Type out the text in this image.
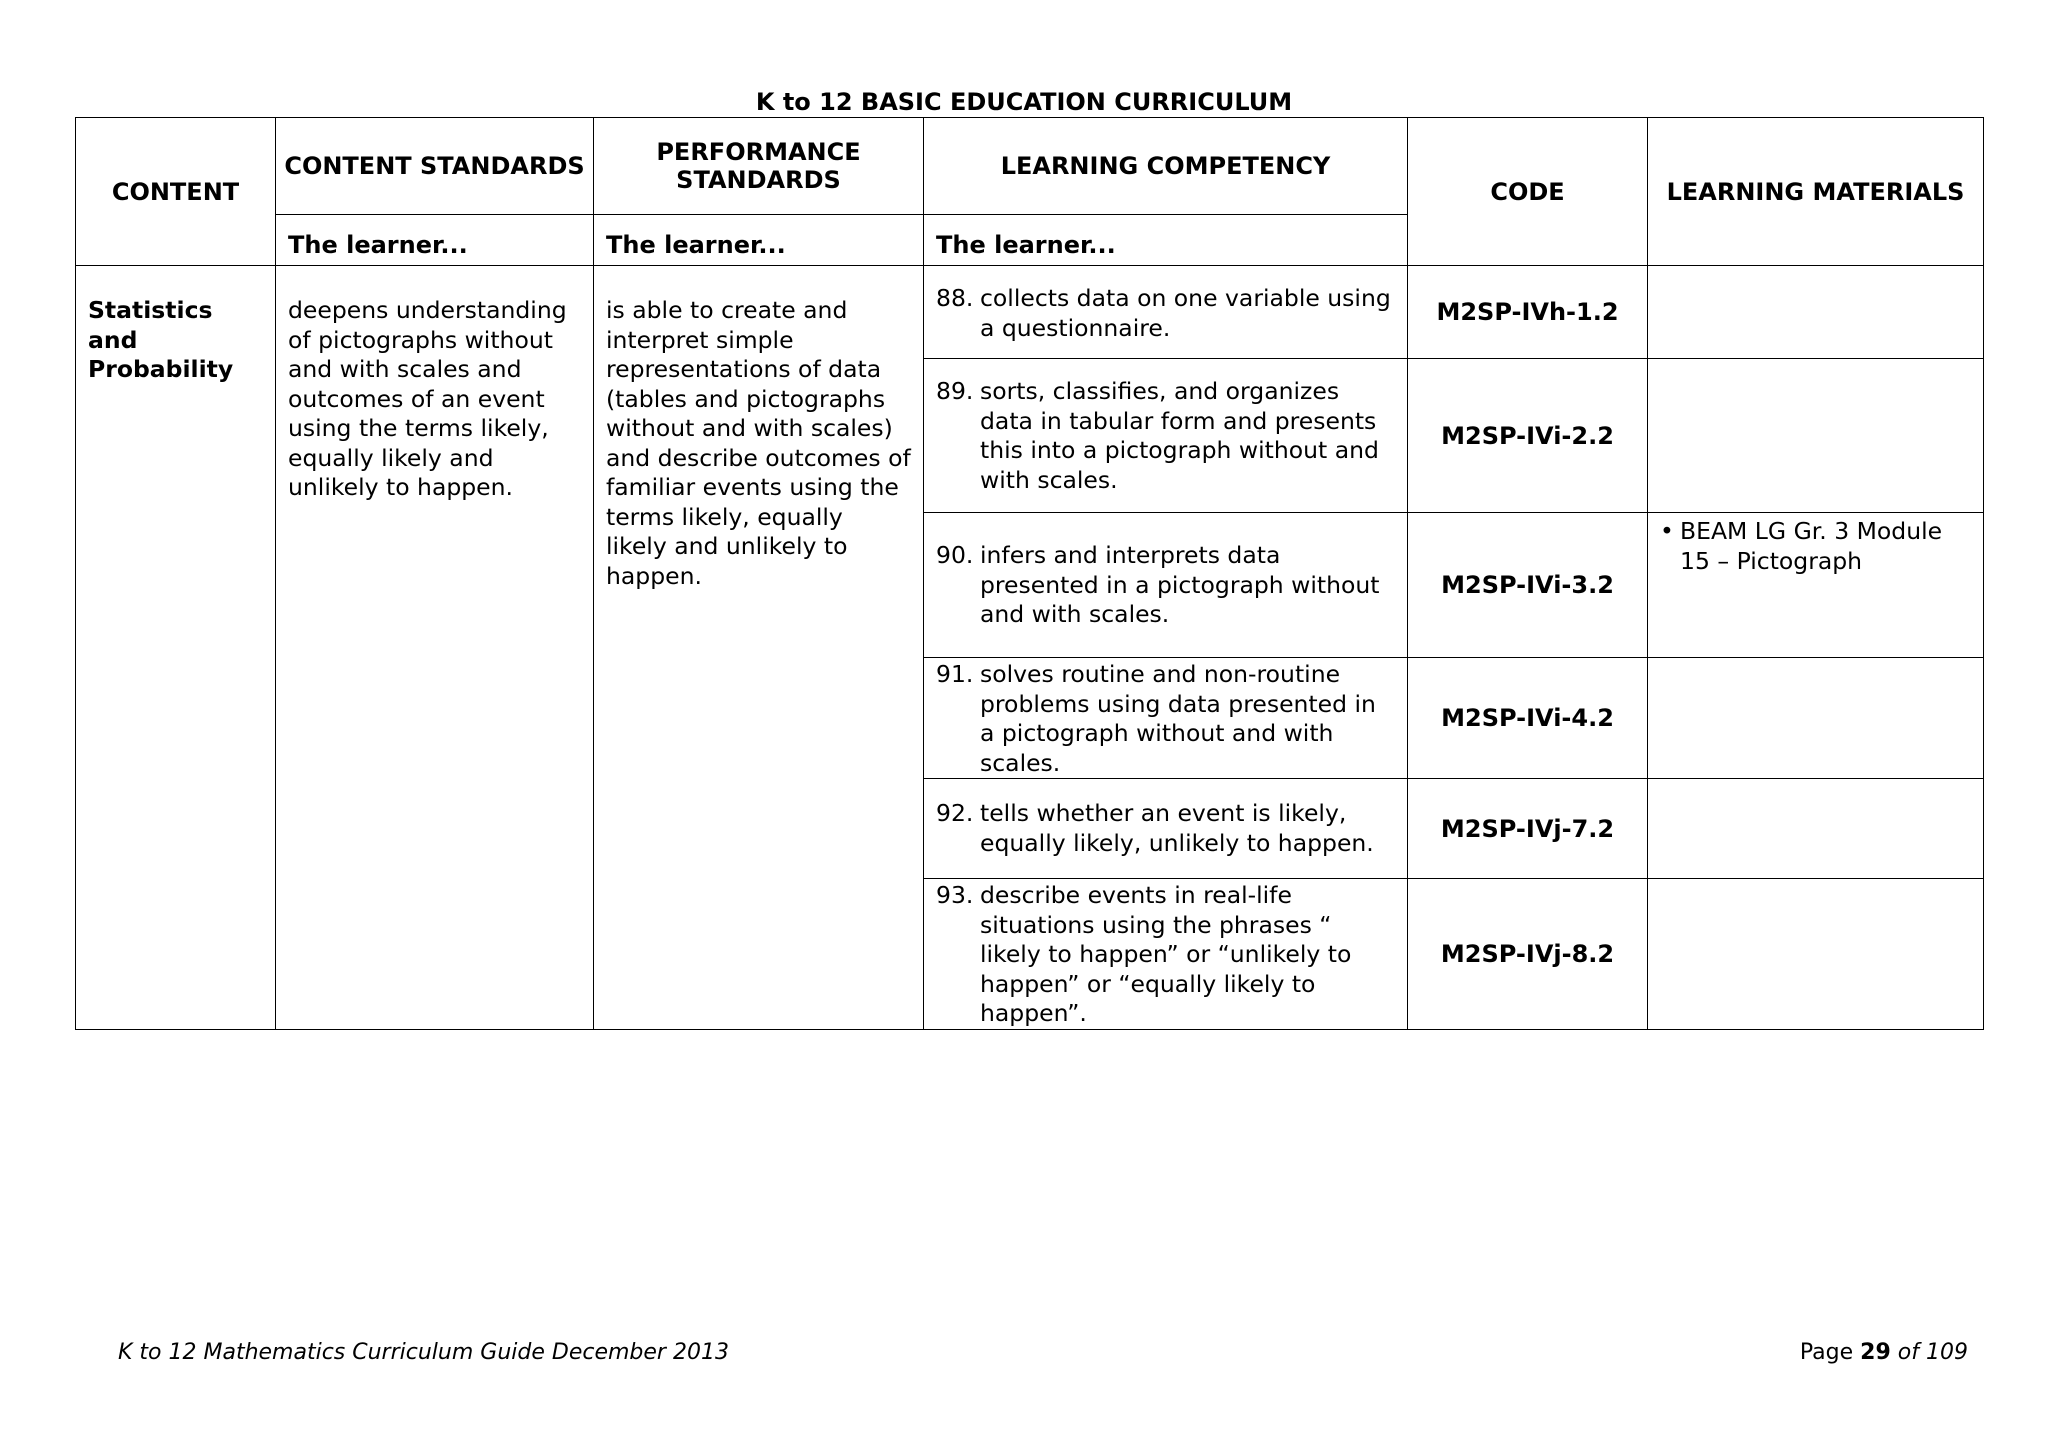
K to 12 BASIC EDUCATION CURRICULUM
CONTENT	CONTENT STANDARDS	PERFORMANCE STANDARDS	LEARNING COMPETENCY	CODE	LEARNING MATERIALS
	The learner...	The learner...	The learner...		
Statistics and Probability	deepens understanding of pictographs without and with scales and outcomes of an event using the terms likely, equally likely and unlikely to happen.	is able to create and interpret simple representations of data (tables and pictographs without and with scales) and describe outcomes of familiar events using the terms likely, equally likely and unlikely to happen.	88. collects data on one variable using a questionnaire.	M2SP-IVh-1.2	

			89. sorts, classifies, and organizes data in tabular form and presents this into a pictograph without and with scales.	M2SP-IVi-2.2	

			90. infers and interprets data presented in a pictograph without and with scales.	M2SP-IVi-3.2	• BEAM LG Gr. 3 Module 15 – Pictograph

			91. solves routine and non-routine problems using data presented in a pictograph without and with scales.	M2SP-IVi-4.2	

			92. tells whether an event is likely, equally likely, unlikely to happen.	M2SP-IVj-7.2	

			93. describe events in real-life situations using the phrases “ likely to happen” or “unlikely to happen” or “equally likely to happen”.	M2SP-IVj-8.2	
K to 12 Mathematics Curriculum Guide December 2013	Page 29 of 109
